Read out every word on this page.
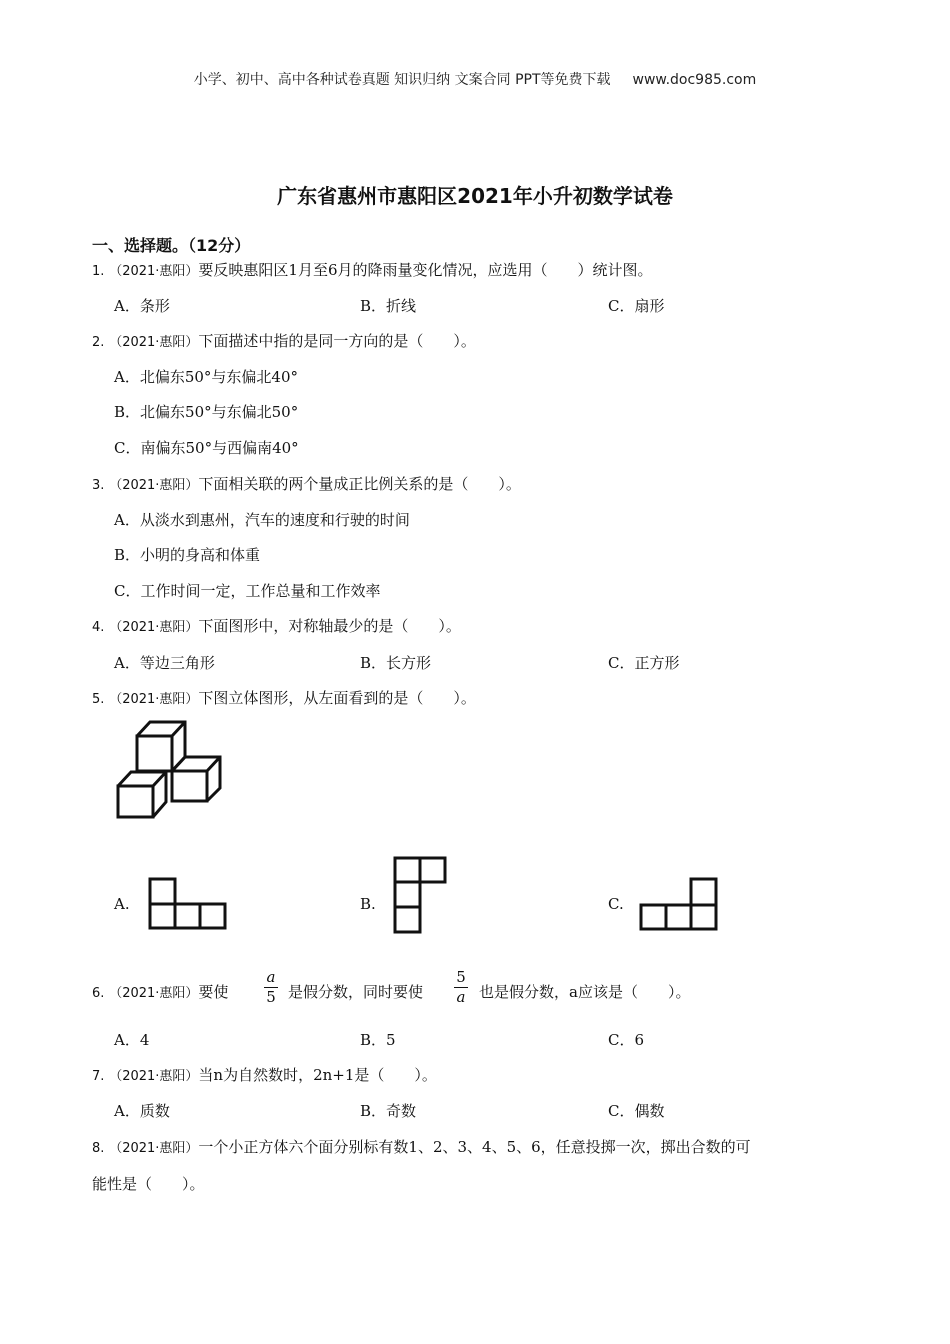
小学、初中、高中各种试卷真题 知识归纳 文案合同 PPT等免费下载 www.doc985.com
广东省惠州市惠阳区2021年小升初数学试卷
一、选择题。（12分）
1. （2021·惠阳）要反映惠阳区1月至6月的降雨量变化情况，应选用（　　）统计图。
A．条形	B．折线	C．扇形
2. （2021·惠阳）下面描述中指的是同一方向的是（　　）。
A．北偏东50°与东偏北40°
B．北偏东50°与东偏北50°
C．南偏东50°与西偏南40°
3. （2021·惠阳）下面相关联的两个量成正比例关系的是（　　）。
A．从淡水到惠州，汽车的速度和行驶的时间
B．小明的身高和体重
C．工作时间一定，工作总量和工作效率
4. （2021·惠阳）下面图形中，对称轴最少的是（　　）。
A．等边三角形	B．长方形	C．正方形
5. （2021·惠阳）下图立体图形，从左面看到的是（　　）。
A.	B.	C.
6. （2021·惠阳）要使
a
5 是假分数，同时要使
5
a 也是假分数，a应该是（　　）。
A．4	B．5	C．6
7. （2021·惠阳）当n为自然数时，2n+1是（　　）。
A．质数	B．奇数	C．偶数
8. （2021·惠阳）一个小正方体六个面分别标有数1、2、3、4、5、6，任意投掷一次，掷出合数的可
能性是（　　）。
